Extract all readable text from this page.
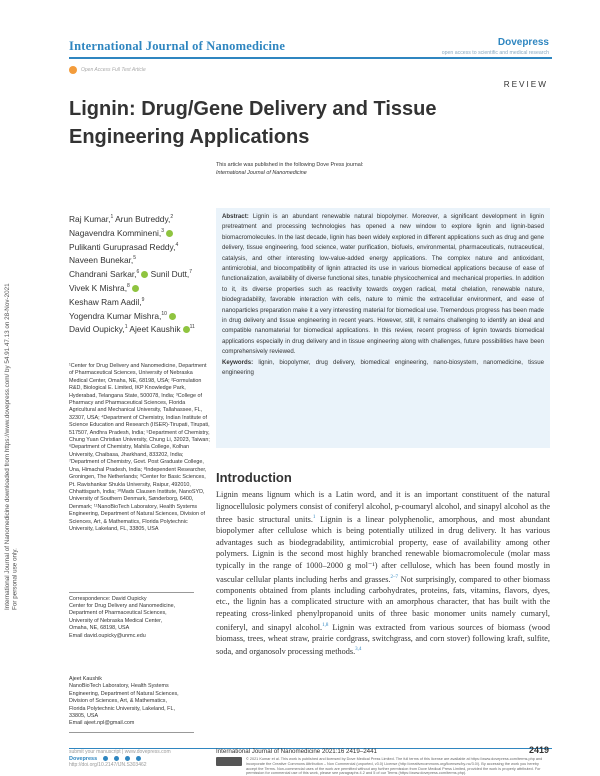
International Journal of Nanomedicine downloaded from https://www.dovepress.com/ by 54.91.47.13 on 28-Nov-2021
For personal use only.
International Journal of Nanomedicine	Dovepress
open access to scientific and medical research
Open Access Full Text Article
REVIEW
Lignin: Drug/Gene Delivery and Tissue Engineering Applications
This article was published in the following Dove Press journal:
International Journal of Nanomedicine
Raj Kumar,$^1$ Arun Butreddy,$^2$
Nagavendra Kommineni,$^3$
Pulikanti Guruprasad Reddy,$^4$
Naveen Bunekar,$^5$
Chandrani Sarkar,$^6$ Sunil Dutt,$^7$
Vivek K Mishra,$^8$
Keshaw Ram Aadil,$^9$
Yogendra Kumar Mishra,$^{10}$
David Oupicky,$^1$ Ajeet Kaushik $^{11}$
¹Center for Drug Delivery and Nanomedicine, Department of Pharmaceutical Sciences, University of Nebraska Medical Center, Omaha, NE, 68198, USA; ²Formulation R&D, Biological E. Limited, IKP Knowledge Park, Hyderabad, Telangana State, 500078, India; ³College of Pharmacy and Pharmaceutical Sciences, Florida Agricultural and Mechanical University, Tallahassee, FL, 32307, USA; ⁴Department of Chemistry, Indian Institute of Science Education and Research (IISER)-Tirupati, Tirupati, 517507, Andhra Pradesh, India; ⁵Department of Chemistry, Chung Yuan Christian University, Chung Li, 32023, Taiwan; ⁶Department of Chemistry, Mahila College, Kolhan University, Chaibasa, Jharkhand, 833202, India; ⁷Department of Chemistry, Govt. Post Graduate College, Una, Himachal Pradesh, India; ⁸Independent Researcher, Groningen, The Netherlands; ⁹Center for Basic Sciences, Pt. Ravishankar Shukla University, Raipur, 492010, Chhattisgarh, India; ¹⁰Mads Clausen Institute, NanoSYD, University of Southern Denmark, Sønderborg, 6400, Denmark; ¹¹NanoBioTech Laboratory, Health Systems Engineering, Department of Natural Sciences, Division of Sciences, Art, & Mathematics, Florida Polytechnic University, Lakeland, FL, 33805, USA
Correspondence: David Oupicky
Center for Drug Delivery and Nanomedicine,
Department of Pharmaceutical Sciences,
University of Nebraska Medical Center,
Omaha, NE, 68198, USA
Email david.oupicky@unmc.edu
Ajeet Kaushik
NanoBioTech Laboratory, Health Systems
Engineering, Department of Natural Sciences,
Division of Sciences, Art, & Mathematics,
Florida Polytechnic University, Lakeland, FL,
33805, USA
Email ajeet.npl@gmail.com

Abstract: Lignin is an abundant renewable natural biopolymer. Moreover, a significant development in lignin pretreatment and processing technologies has opened a new window to explore lignin and lignin-based biomacromolecules. In the last decade, lignin has been widely explored in different applications such as drug and gene delivery, tissue engineering, food science, water purification, biofuels, environmental, pharmaceuticals, nutraceutical, catalysis, and other interesting low-value-added energy applications. The complex nature and antioxidant, antimicrobial, and biocompatibility of lignin attracted its use in various biomedical applications because of ease of functionalization, availability of diverse functional sites, tunable physicochemical and mechanical properties. In addition to it, its diverse properties such as reactivity towards oxygen radical, metal chelation, renewable nature, biodegradability, favorable interaction with cells, nature to mimic the extracellular environment, and ease of nanoparticles preparation make it a very interesting material for biomedical use. Tremendous progress has been made in drug delivery and tissue engineering in recent years. However, still, it remains challenging to identify an ideal and compatible nanomaterial for biomedical applications. In this review, recent progress of lignin towards biomedical applications especially in drug delivery and in tissue engineering along with challenges, future possibilities have been comprehensively reviewed.

Keywords: lignin, biopolymer, drug delivery, biomedical engineering, nano-biosystem, nanomedicine, tissue engineering

Introduction

Lignin means lignum which is a Latin word, and it is an important constituent of the natural lignocellulosic polymers consist of coniferyl alcohol, p-coumaryl alcohol, and sinapyl alcohol as the three basic structural units.$^1$ Lignin is a linear polyphenolic, amorphous, and most abundant biopolymer after cellulose which is being potentially utilized in drug delivery. It has various advantages such as biodegradability, antimicrobial property, ease of availability among other polymers. Lignin is the second most highly branched renewable biomacromolecule (molar mass typically in the range of 1000–2000 g mol⁻¹) after cellulose, which has been found mostly in vascular cellular plants including herbs and grasses.$^{2-7}$ Not surprisingly, compared to other biomass components obtained from plants including carbohydrates, proteins, fats, vitamins, flavors, dyes, etc., the lignin has a complicated structure with an amorphous character, that has built with the repeating cross-linked phenylpropanoid units of three basic monomer units namely cumaryl, coniferyl, and sinapyl alcohol.$^{1,8}$ Lignin was extracted from various sources of biomass (wood biomass, trees, wheat straw, prairie cordgrass, switchgrass, and corn stover) following kraft, sulfite, soda, and organosolv processing methods.$^{3,4}$

submit your manuscript | www.dovepress.com
Dovepress
http://doi.org/10.2147/IJN.S303462
International Journal of Nanomedicine 2021:16 2419–2441	2419
© 2021 Kumar et al. This work is published and licensed by Dove Medical Press Limited. The full terms of this license are available at https://www.dovepress.com/terms.php and incorporate the Creative Commons Attribution – Non Commercial (unported, v3.0) License (http://creativecommons.org/licenses/by-nc/3.0/). By accessing the work you hereby accept the Terms. Non-commercial uses of the work are permitted without any further permission from Dove Medical Press Limited, provided the work is properly attributed. For permission for commercial use of this work, please see paragraphs 4.2 and 5 of our Terms (https://www.dovepress.com/terms.php).
